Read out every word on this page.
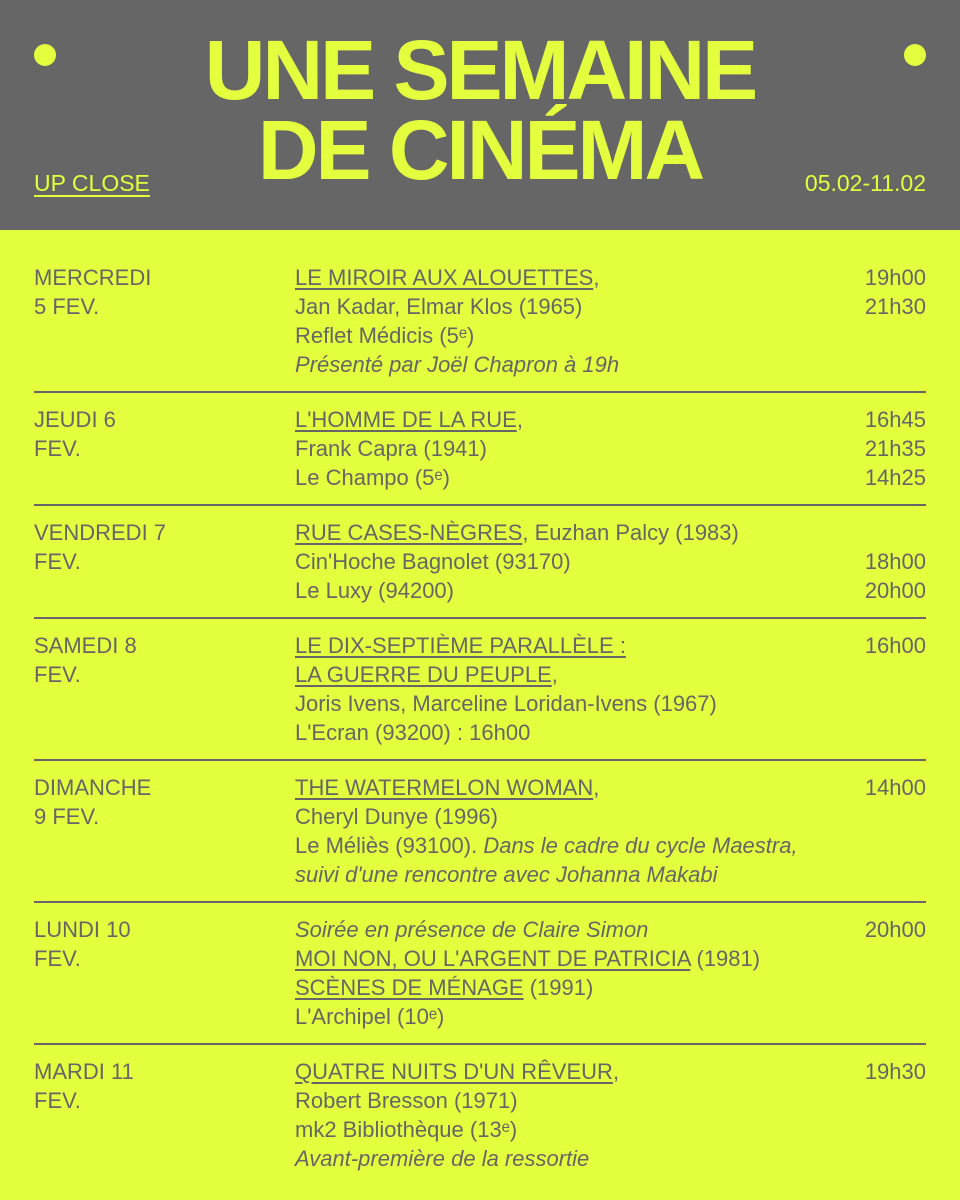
UNE SEMAINE
DE CINÉMA
UP CLOSE	05.02-11.02
MERCREDI
5 FEV.
LE MIROIR AUX ALOUETTES,
Jan Kadar, Elmar Klos (1965)
Reflet Médicis (5ᵉ)
Présenté par Joël Chapron à 19h
19h00
21h30
JEUDI 6
FEV.
L'HOMME DE LA RUE,
Frank Capra (1941)
Le Champo (5ᵉ)
16h45
21h35
14h25
VENDREDI 7
FEV.
RUE CASES-NÈGRES, Euzhan Palcy (1983)
Cin'Hoche Bagnolet (93170)
Le Luxy (94200)

18h00
20h00
SAMEDI 8
FEV.
LE DIX-SEPTIÈME PARALLÈLE :
LA GUERRE DU PEUPLE,
Joris Ivens, Marceline Loridan-Ivens (1967)
L'Ecran (93200) : 16h00
16h00
DIMANCHE
9 FEV.
THE WATERMELON WOMAN,
Cheryl Dunye (1996)
Le Méliès (93100). Dans le cadre du cycle Maestra,
suivi d'une rencontre avec Johanna Makabi
14h00
LUNDI 10
FEV.
Soirée en présence de Claire Simon
MOI NON, OU L'ARGENT DE PATRICIA (1981)
SCÈNES DE MÉNAGE (1991)
L'Archipel (10ᵉ)
20h00
MARDI 11
FEV.
QUATRE NUITS D'UN RÊVEUR,
Robert Bresson (1971)
mk2 Bibliothèque (13ᵉ)
Avant-première de la ressortie
19h30
